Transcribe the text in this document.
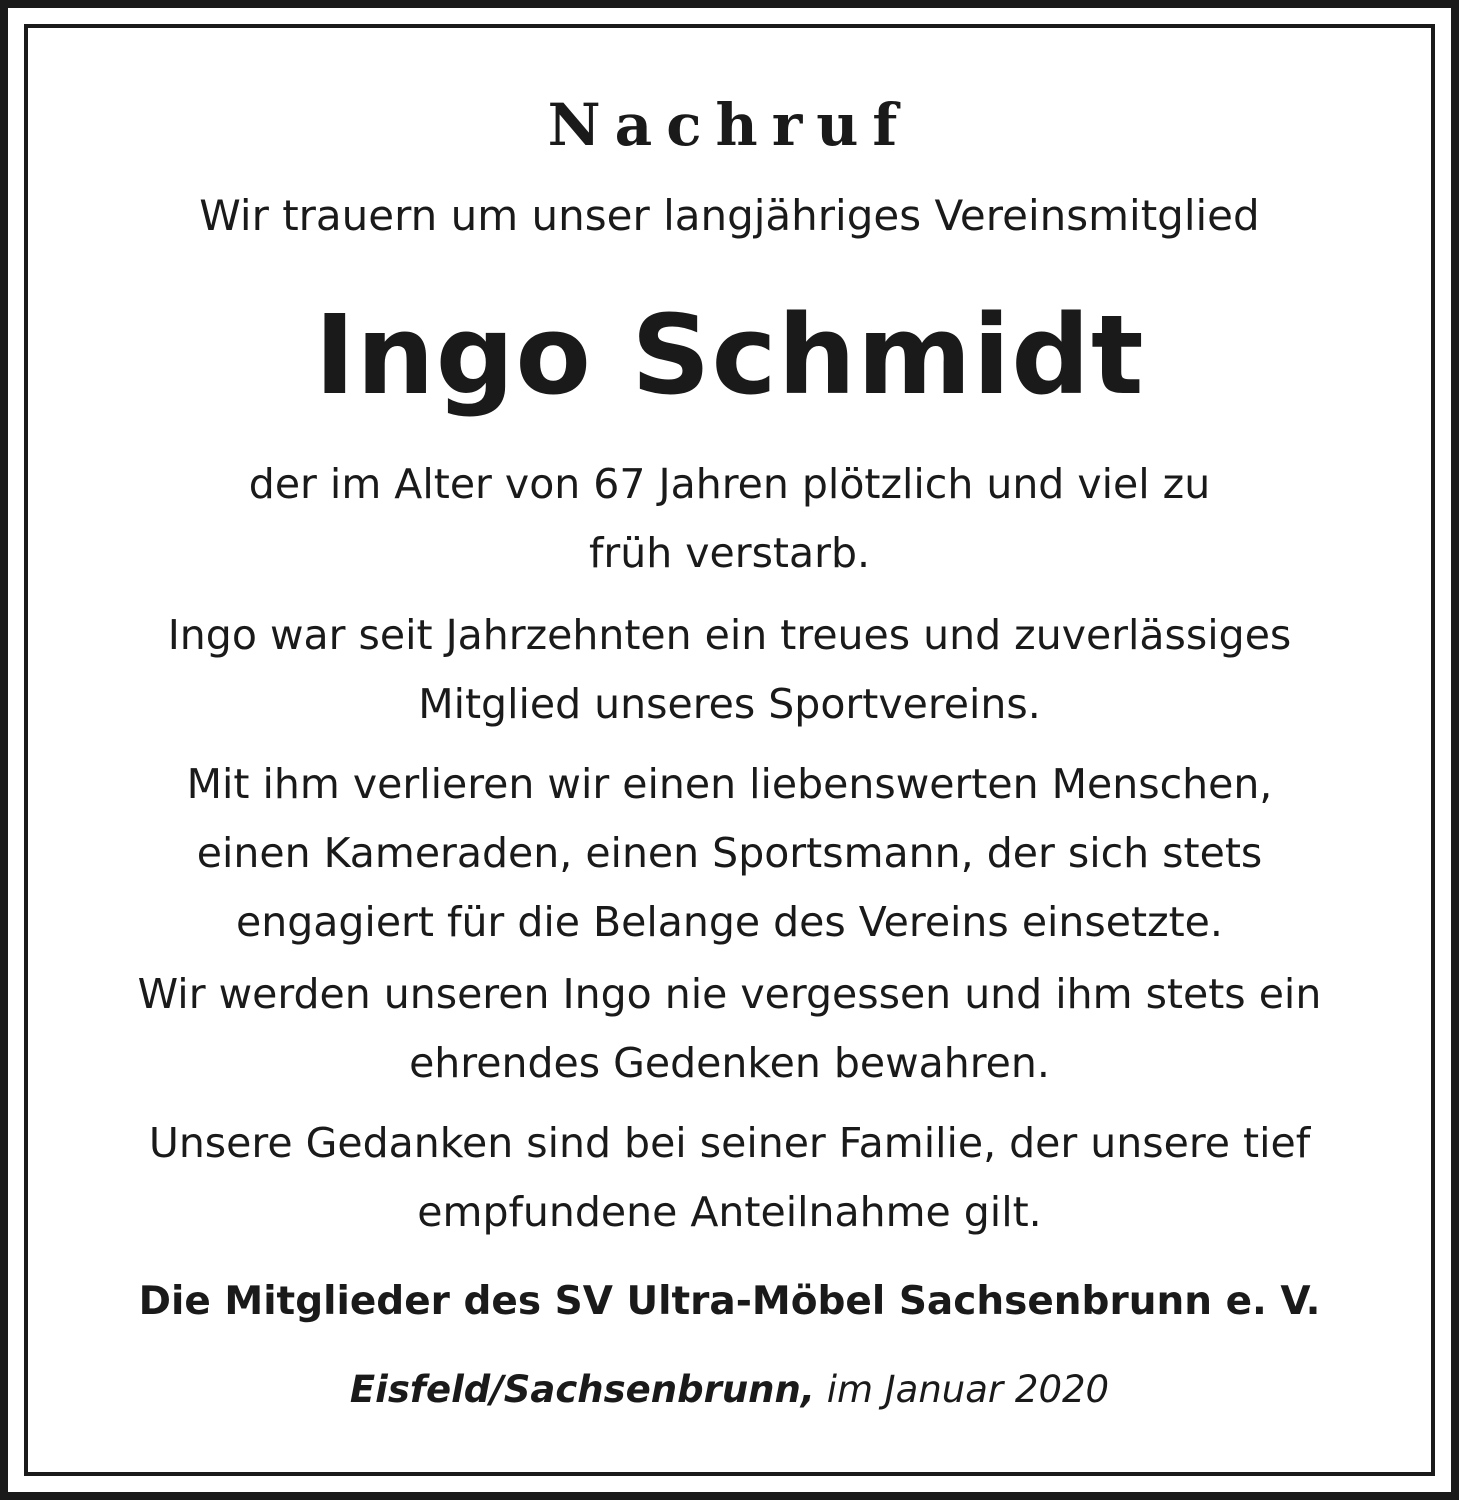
Nachruf
Wir trauern um unser langjähriges Vereinsmitglied
Ingo Schmidt
der im Alter von 67 Jahren plötzlich und viel zu
früh verstarb.
Ingo war seit Jahrzehnten ein treues und zuverlässiges
Mitglied unseres Sportvereins.
Mit ihm verlieren wir einen liebenswerten Menschen,
einen Kameraden, einen Sportsmann, der sich stets
engagiert für die Belange des Vereins einsetzte.
Wir werden unseren Ingo nie vergessen und ihm stets ein
ehrendes Gedenken bewahren.
Unsere Gedanken sind bei seiner Familie, der unsere tief
empfundene Anteilnahme gilt.
Die Mitglieder des SV Ultra-Möbel Sachsenbrunn e. V.
Eisfeld/Sachsenbrunn, im Januar 2020
